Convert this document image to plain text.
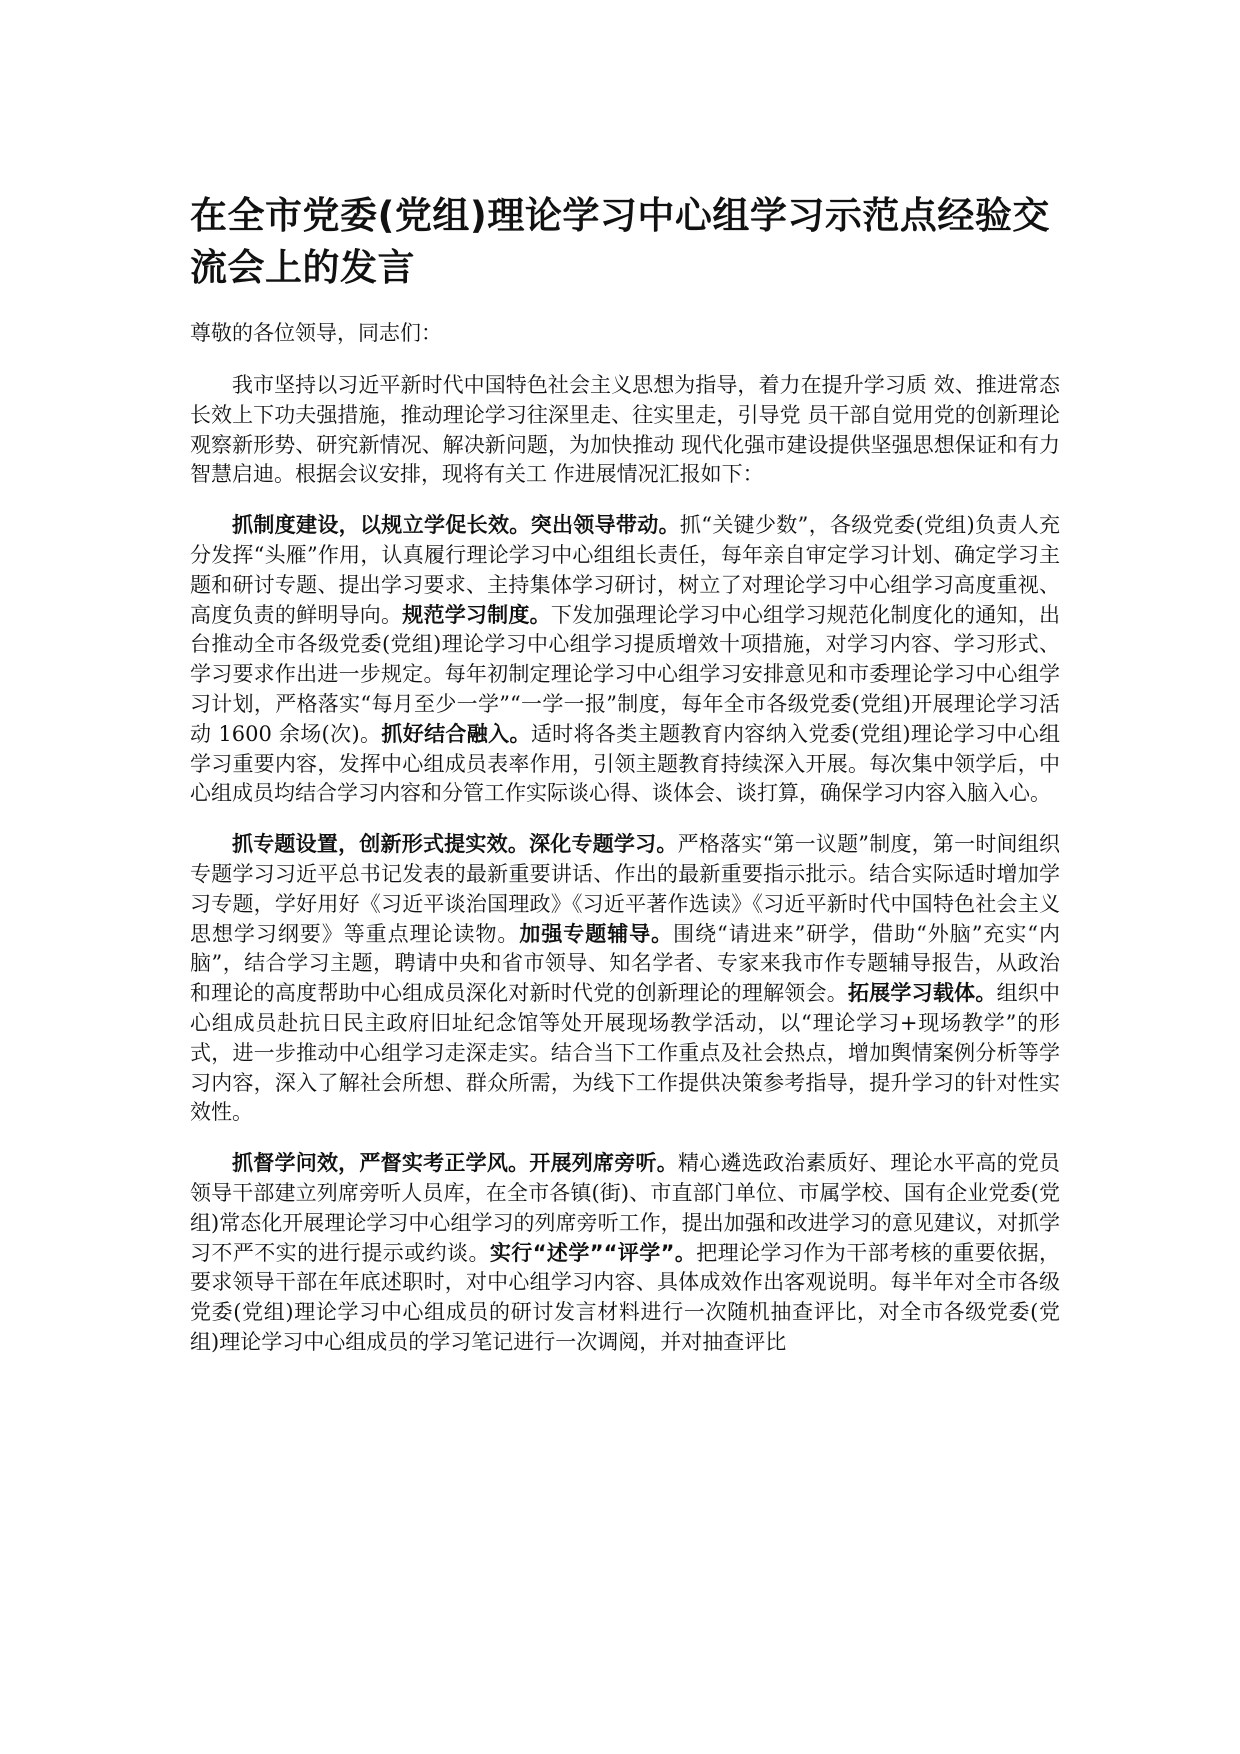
在全市党委(党组)理论学习中心组学习示范点经验交流会上的发言

尊敬的各位领导，同志们：

我市坚持以习近平新时代中国特色社会主义思想为指导，着力在提升学习质 效、推进常态长效上下功夫强措施，推动理论学习往深里走、往实里走，引导党 员干部自觉用党的创新理论观察新形势、研究新情况、解决新问题，为加快推动 现代化强市建设提供坚强思想保证和有力智慧启迪。根据会议安排，现将有关工 作进展情况汇报如下：

抓制度建设，以规立学促长效。突出领导带动。抓“关键少数”，各级党委(党组)负责人充分发挥“头雁”作用，认真履行理论学习中心组组长责任，每年亲自审定学习计划、确定学习主题和研讨专题、提出学习要求、主持集体学习研讨，树立了对理论学习中心组学习高度重视、高度负责的鲜明导向。规范学习制度。下发加强理论学习中心组学习规范化制度化的通知，出台推动全市各级党委(党组)理论学习中心组学习提质增效十项措施，对学习内容、学习形式、学习要求作出进一步规定。每年初制定理论学习中心组学习安排意见和市委理论学习中心组学习计划，严格落实“每月至少一学”“一学一报”制度，每年全市各级党委(党组)开展理论学习活动 1600 余场(次)。抓好结合融入。适时将各类主题教育内容纳入党委(党组)理论学习中心组学习重要内容，发挥中心组成员表率作用，引领主题教育持续深入开展。每次集中领学后，中心组成员均结合学习内容和分管工作实际谈心得、谈体会、谈打算，确保学习内容入脑入心。

抓专题设置，创新形式提实效。深化专题学习。严格落实“第一议题”制度，第一时间组织专题学习习近平总书记发表的最新重要讲话、作出的最新重要指示批示。结合实际适时增加学习专题，学好用好《习近平谈治国理政》《习近平著作选读》《习近平新时代中国特色社会主义思想学习纲要》等重点理论读物。加强专题辅导。围绕“请进来”研学，借助“外脑”充实“内脑”，结合学习主题，聘请中央和省市领导、知名学者、专家来我市作专题辅导报告，从政治和理论的高度帮助中心组成员深化对新时代党的创新理论的理解领会。拓展学习载体。组织中心组成员赴抗日民主政府旧址纪念馆等处开展现场教学活动，以“理论学习+现场教学”的形式，进一步推动中心组学习走深走实。结合当下工作重点及社会热点，增加舆情案例分析等学习内容，深入了解社会所想、群众所需，为线下工作提供决策参考指导，提升学习的针对性实效性。

抓督学问效，严督实考正学风。开展列席旁听。精心遴选政治素质好、理论水平高的党员领导干部建立列席旁听人员库，在全市各镇(街)、市直部门单位、市属学校、国有企业党委(党组)常态化开展理论学习中心组学习的列席旁听工作，提出加强和改进学习的意见建议，对抓学习不严不实的进行提示或约谈。实行“述学”“评学”。把理论学习作为干部考核的重要依据，要求领导干部在年底述职时，对中心组学习内容、具体成效作出客观说明。每半年对全市各级党委(党组)理论学习中心组成员的研讨发言材料进行一次随机抽查评比，对全市各级党委(党组)理论学习中心组成员的学习笔记进行一次调阅，并对抽查评比
